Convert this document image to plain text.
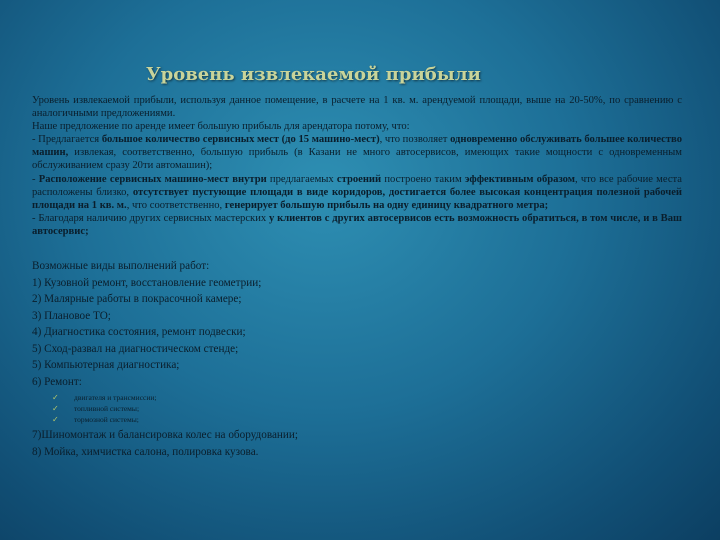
Уровень извлекаемой прибыли

Уровень извлекаемой прибыли, используя данное помещение, в расчете на 1 кв. м. арендуемой площади, выше на 20-50%, по сравнению с аналогичными предложениями.

Наше предложение по аренде имеет большую прибыль для арендатора потому, что:

- Предлагается большое количество сервисных мест (до 15 машино-мест), что позволяет одновременно обслуживать большее количество машин, извлекая, соответственно, большую прибыль (в Казани не много автосервисов, имеющих такие мощности с одновременным обслуживанием сразу 20ти автомашин);

- Расположение сервисных машино-мест внутри предлагаемых строений построено таким эффективным образом, что все рабочие места расположены близко, отсутствует пустующие площади в виде коридоров, достигается более высокая концентрация полезной рабочей площади на 1 кв. м., что соответственно, генерирует большую прибыль на одну единицу квадратного метра;

- Благодаря наличию других сервисных мастерских у клиентов с других автосервисов есть возможность обратиться, в том числе, и в Ваш автосервис;

Возможные виды выполнений работ:

1) Кузовной ремонт, восстановление геометрии;

2) Малярные работы в покрасочной камере;

3) Плановое ТО;

4) Диагностика состояния, ремонт подвески;

5) Сход-развал на диагностическом стенде;

5) Компьютерная диагностика;

6) Ремонт:

✓	двигателя и трансмиссии;
✓	топливной системы;
✓	тормозной системы;

7)Шиномонтаж и балансировка колес на оборудовании;

8) Мойка, химчистка салона, полировка кузова.
